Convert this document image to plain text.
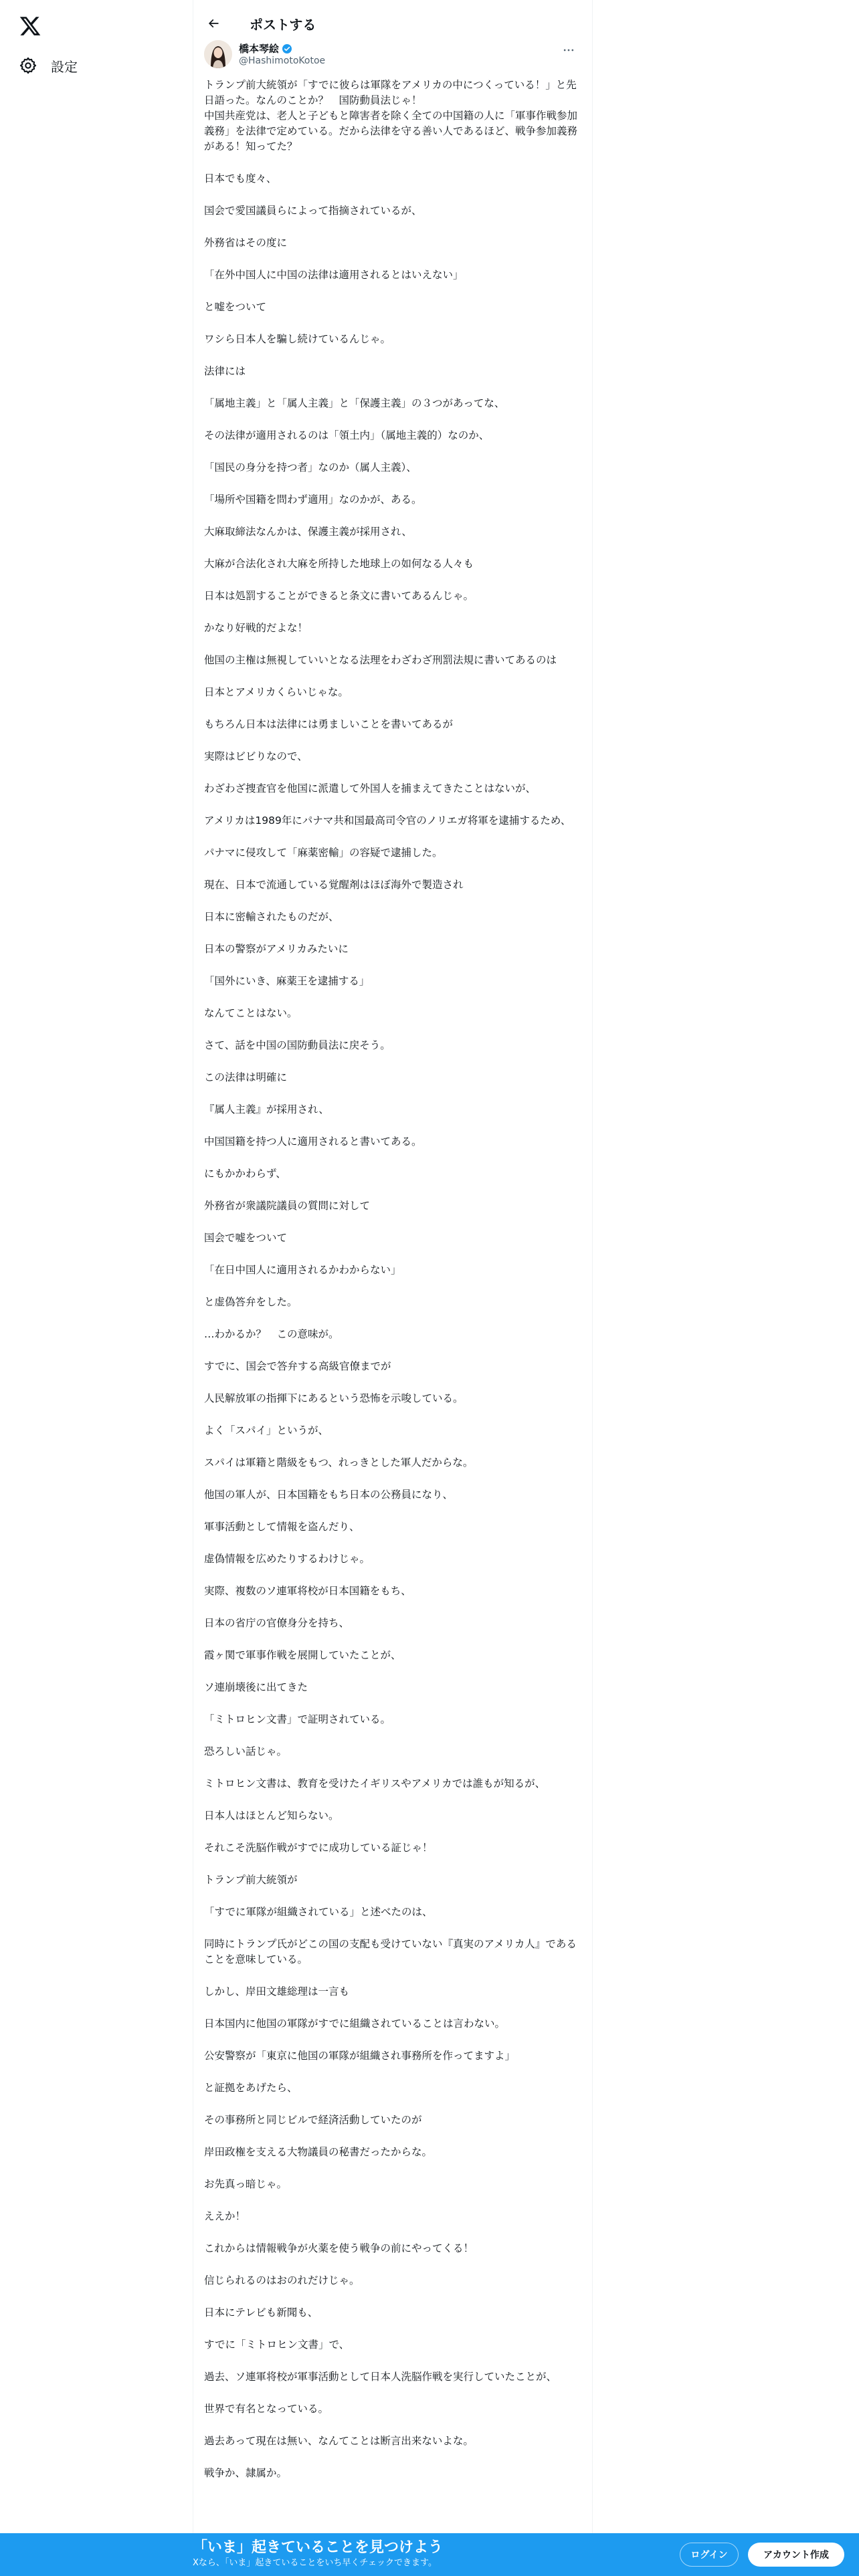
設定
ポストする
橋本琴絵
@HashimotoKotoe
トランプ前大統領が「すでに彼らは軍隊をアメリカの中につくっている！」と先日語った。なんのことか？　国防動員法じゃ！
中国共産党は、老人と子どもと障害者を除く全ての中国籍の人に「軍事作戦参加義務」を法律で定めている。だから法律を守る善い人であるほど、戦争参加義務がある！知ってた？
日本でも度々、
国会で愛国議員らによって指摘されているが、
外務省はその度に
「在外中国人に中国の法律は適用されるとはいえない」
と嘘をついて
ワシら日本人を騙し続けているんじゃ。
法律には
「属地主義」と「属人主義」と「保護主義」の３つがあってな、
その法律が適用されるのは「領土内」（属地主義的）なのか、
「国民の身分を持つ者」なのか（属人主義）、
「場所や国籍を問わず適用」なのかが、ある。
大麻取締法なんかは、保護主義が採用され、
大麻が合法化され大麻を所持した地球上の如何なる人々も
日本は処罰することができると条文に書いてあるんじゃ。
かなり好戦的だよな！
他国の主権は無視していいとなる法理をわざわざ刑罰法規に書いてあるのは
日本とアメリカくらいじゃな。
もちろん日本は法律には勇ましいことを書いてあるが
実際はビビりなので、
わざわざ捜査官を他国に派遣して外国人を捕まえてきたことはないが、
アメリカは1989年にパナマ共和国最高司令官のノリエガ将軍を逮捕するため、
パナマに侵攻して「麻薬密輸」の容疑で逮捕した。
現在、日本で流通している覚醒剤はほぼ海外で製造され
日本に密輸されたものだが、
日本の警察がアメリカみたいに
「国外にいき、麻薬王を逮捕する」
なんてことはない。
さて、話を中国の国防動員法に戻そう。
この法律は明確に
『属人主義』が採用され、
中国国籍を持つ人に適用されると書いてある。
にもかかわらず、
外務省が衆議院議員の質問に対して
国会で嘘をついて
「在日中国人に適用されるかわからない」
と虚偽答弁をした。
…わかるか？　この意味が。
すでに、国会で答弁する高級官僚までが
人民解放軍の指揮下にあるという恐怖を示唆している。
よく「スパイ」というが、
スパイは軍籍と階級をもつ、れっきとした軍人だからな。
他国の軍人が、日本国籍をもち日本の公務員になり、
軍事活動として情報を盗んだり、
虚偽情報を広めたりするわけじゃ。
実際、複数のソ連軍将校が日本国籍をもち、
日本の省庁の官僚身分を持ち、
霞ヶ関で軍事作戦を展開していたことが、
ソ連崩壊後に出てきた
「ミトロヒン文書」で証明されている。
恐ろしい話じゃ。
ミトロヒン文書は、教育を受けたイギリスやアメリカでは誰もが知るが、
日本人はほとんど知らない。
それこそ洗脳作戦がすでに成功している証じゃ！
トランプ前大統領が
「すでに軍隊が組織されている」と述べたのは、
同時にトランプ氏がどこの国の支配も受けていない『真実のアメリカ人』であることを意味している。
しかし、岸田文雄総理は一言も
日本国内に他国の軍隊がすでに組織されていることは言わない。
公安警察が「東京に他国の軍隊が組織され事務所を作ってますよ」
と証拠をあげたら、
その事務所と同じビルで経済活動していたのが
岸田政権を支える大物議員の秘書だったからな。
お先真っ暗じゃ。
ええか！
これからは情報戦争が火薬を使う戦争の前にやってくる！
信じられるのはおのれだけじゃ。
日本にテレビも新聞も、
すでに「ミトロヒン文書」で、
過去、ソ連軍将校が軍事活動として日本人洗脳作戦を実行していたことが、
世界で有名となっている。
過去あって現在は無い、なんてことは断言出来ないよな。
戦争か、隷属か。
「いま」起きていることを見つけよう
Xなら、「いま」起きていることをいち早くチェックできます。
ログイン	アカウント作成
